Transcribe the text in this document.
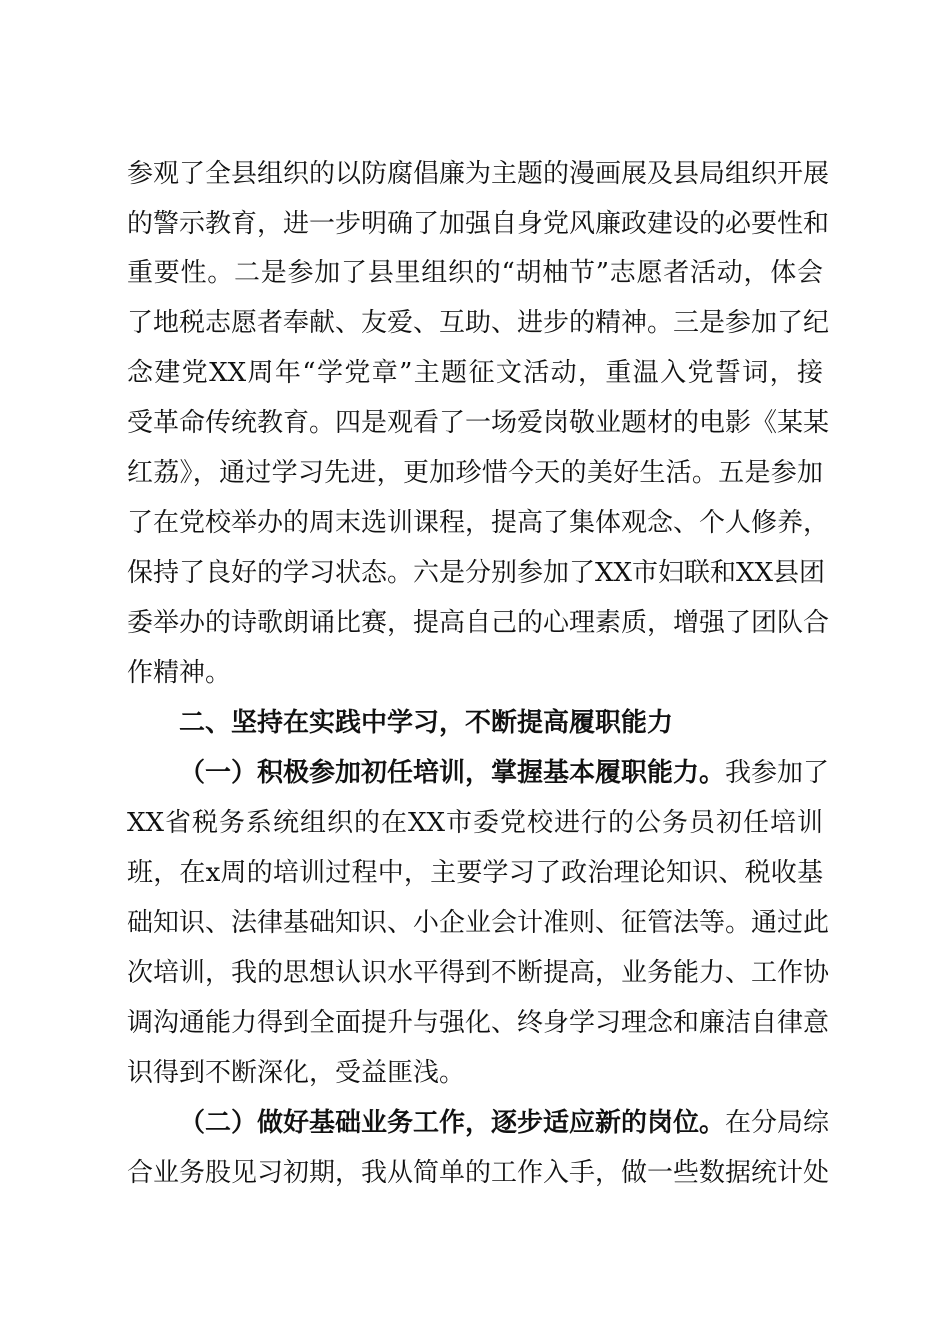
参观了全县组织的以防腐倡廉为主题的漫画展及县局组织开展
的警示教育，进一步明确了加强自身党风廉政建设的必要性和
重要性。二是参加了县里组织的“胡柚节”志愿者活动，体会
了地税志愿者奉献、友爱、互助、进步的精神。三是参加了纪
念建党XX周年“学党章”主题征文活动，重温入党誓词，接
受革命传统教育。四是观看了一场爱岗敬业题材的电影《某某
红荔》，通过学习先进，更加珍惜今天的美好生活。五是参加
了在党校举办的周末选训课程，提高了集体观念、个人修养，
保持了良好的学习状态。六是分别参加了XX市妇联和XX县团
委举办的诗歌朗诵比赛，提高自己的心理素质，增强了团队合
作精神。
二、坚持在实践中学习，不断提高履职能力
（一）积极参加初任培训，掌握基本履职能力。我参加了
XX省税务系统组织的在XX市委党校进行的公务员初任培训
班，在x周的培训过程中，主要学习了政治理论知识、税收基
础知识、法律基础知识、小企业会计准则、征管法等。通过此
次培训，我的思想认识水平得到不断提高，业务能力、工作协
调沟通能力得到全面提升与强化、终身学习理念和廉洁自律意
识得到不断深化，受益匪浅。
（二）做好基础业务工作，逐步适应新的岗位。在分局综
合业务股见习初期，我从简单的工作入手，做一些数据统计处
